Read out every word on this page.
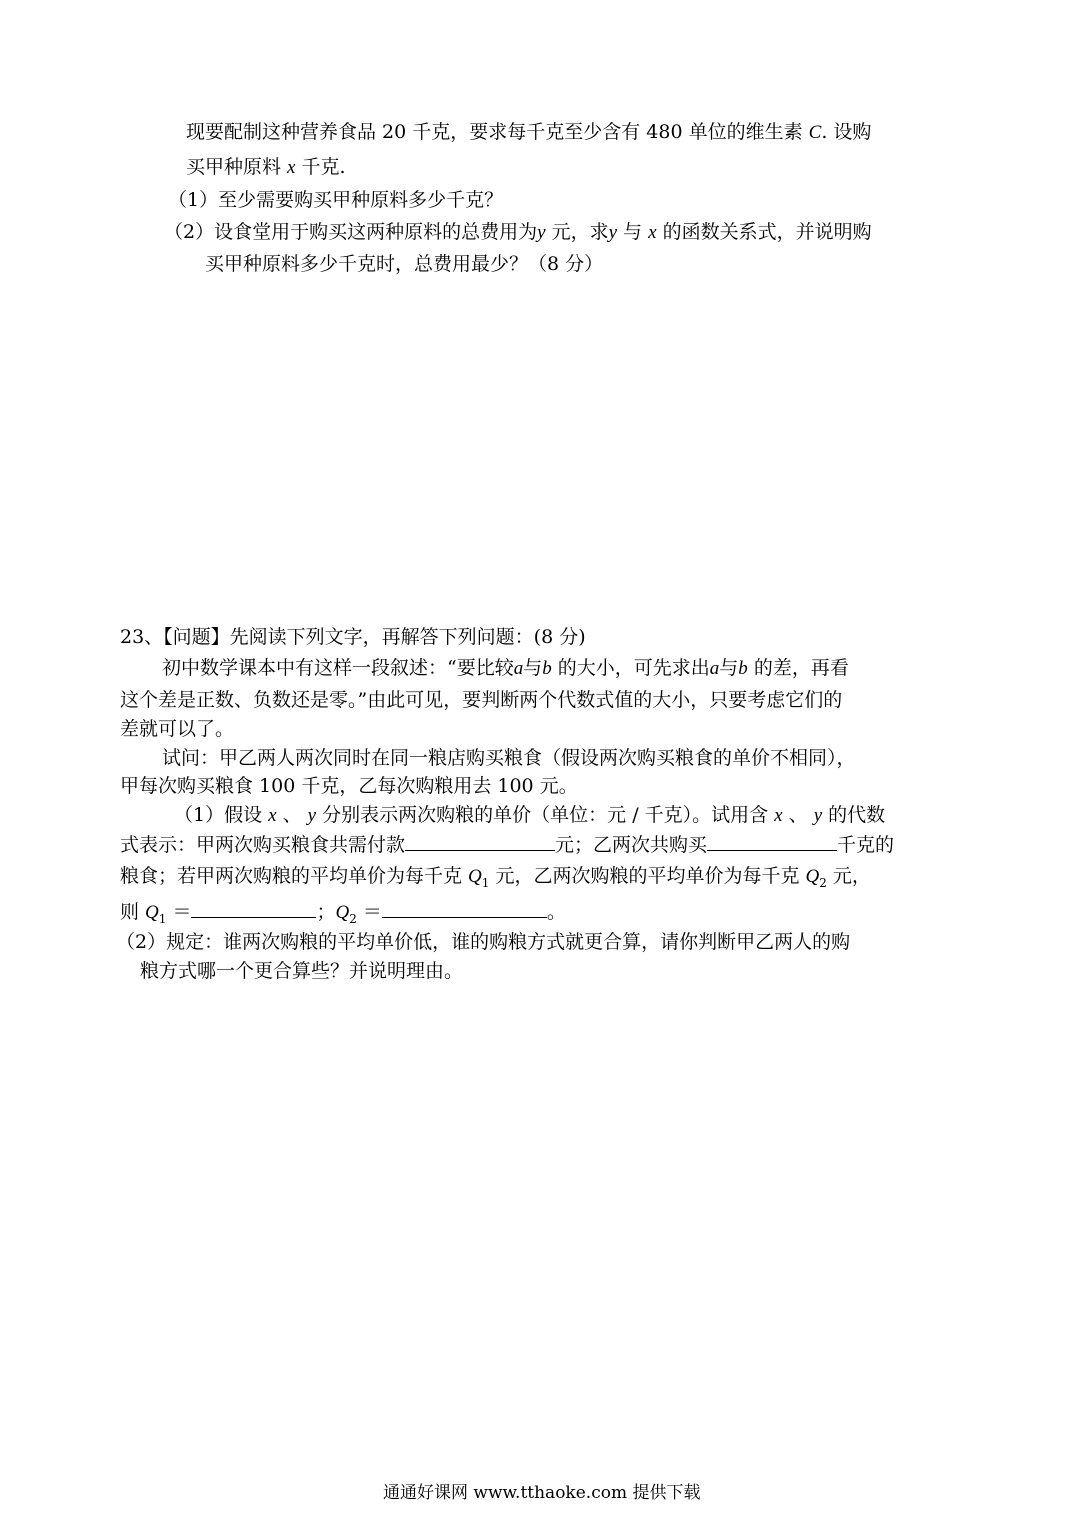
现要配制这种营养食品 20 千克，要求每千克至少含有 480 单位的维生素 C. 设购
买甲种原料 x 千克.
（1）至少需要购买甲种原料多少千克？
（2）设食堂用于购买这两种原料的总费用为y 元，求y 与 x 的函数关系式，并说明购
买甲种原料多少千克时，总费用最少？（8 分）
23、【问题】先阅读下列文字，再解答下列问题：(8 分)
初中数学课本中有这样一段叙述：“要比较a与b 的大小，可先求出a与b 的差，再看
这个差是正数、负数还是零。”由此可见，要判断两个代数式值的大小，只要考虑它们的
差就可以了。
试问：甲乙两人两次同时在同一粮店购买粮食（假设两次购买粮食的单价不相同），
甲每次购买粮食 100 千克，乙每次购粮用去 100 元。
（1）假设 x 、 y 分别表示两次购粮的单价（单位：元 / 千克）。试用含 x 、 y 的代数
式表示：甲两次购买粮食共需付款	元；乙两次共购买	千克的
粮食；若甲两次购粮的平均单价为每千克 $Q_1$ 元，乙两次购粮的平均单价为每千克 $Q_2$ 元，
则 $Q_1$ ＝	；$Q_2$ ＝	。
（2）规定：谁两次购粮的平均单价低，谁的购粮方式就更合算，请你判断甲乙两人的购
粮方式哪一个更合算些？并说明理由。
通通好课网 www.tthaoke.com 提供下载
